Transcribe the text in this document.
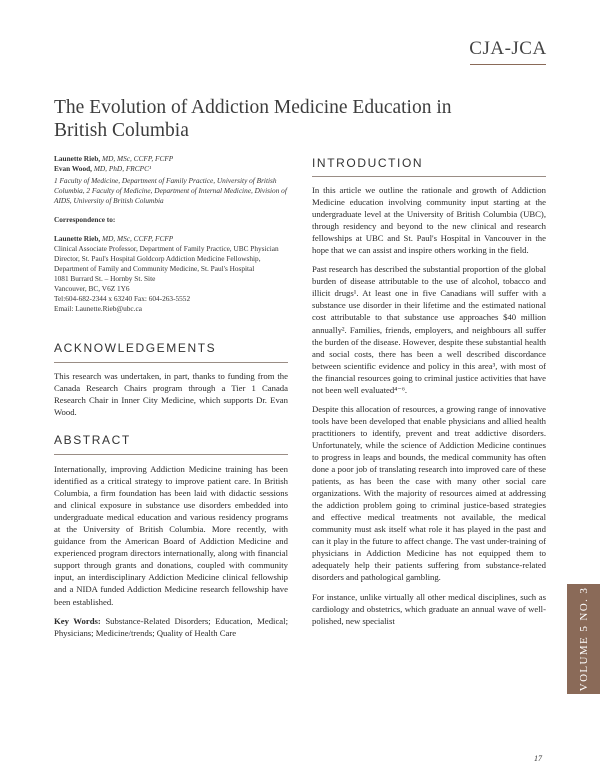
CJA-JCA
The Evolution of Addiction Medicine Education in British Columbia
Launette Rieb, MD, MSc, CCFP, FCFP
Evan Wood, MD, PhD, FRCPC¹
1 Faculty of Medicine, Department of Family Practice, University of British Columbia, 2 Faculty of Medicine, Department of Internal Medicine, Division of AIDS, University of British Columbia
Correspondence to:
Launette Rieb, MD, MSc, CCFP, FCFP
Clinical Associate Professor, Department of Family Practice, UBC Physician Director, St. Paul's Hospital Goldcorp Addiction Medicine Fellowship, Department of Family and Community Medicine, St. Paul's Hospital
1081 Burrard St. – Hornby St. Site
Vancouver, BC, V6Z 1Y6
Tel:604-682-2344 x 63240 Fax: 604-263-5552
Email: Launette.Rieb@ubc.ca
ACKNOWLEDGEMENTS

This research was undertaken, in part, thanks to funding from the Canada Research Chairs program through a Tier 1 Canada Research Chair in Inner City Medicine, which supports Dr. Evan Wood.

ABSTRACT

Internationally, improving Addiction Medicine training has been identified as a critical strategy to improve patient care. In British Columbia, a firm foundation has been laid with didactic sessions and clinical exposure in substance use disorders embedded into undergraduate medical education and various residency programs at the University of British Columbia. More recently, with guidance from the American Board of Addiction Medicine and experienced program directors internationally, along with financial support through grants and donations, coupled with community input, an interdisciplinary Addiction Medicine clinical fellowship and a NIDA funded Addiction Medicine research fellowship have been established.

Key Words: Substance-Related Disorders; Education, Medical; Physicians; Medicine/trends; Quality of Health Care

INTRODUCTION

In this article we outline the rationale and growth of Addiction Medicine education involving community input starting at the undergraduate level at the University of British Columbia (UBC), through residency and beyond to the new clinical and research fellowships at UBC and St. Paul's Hospital in Vancouver in the hope that we can assist and inspire others working in the field.

Past research has described the substantial proportion of the global burden of disease attributable to the use of alcohol, tobacco and illicit drugs¹. At least one in five Canadians will suffer with a substance use disorder in their lifetime and the estimated national cost attributable to that substance use approaches $40 million annually². Families, friends, employers, and neighbours all suffer the burden of the disease. However, despite these substantial health and social costs, there has been a well described discordance between scientific evidence and policy in this area³, with most of the financial resources going to criminal justice activities that have not been well evaluated⁴⁻⁶.

Despite this allocation of resources, a growing range of innovative tools have been developed that enable physicians and allied health practitioners to identify, prevent and treat addictive disorders. Unfortunately, while the science of Addiction Medicine continues to progress in leaps and bounds, the medical community has often done a poor job of translating research into improved care of these patients, as has been the case with many other social care organizations. With the majority of resources aimed at addressing the addiction problem going to criminal justice-based strategies and effective medical treatments not available, the medical community must ask itself what role it has played in the past and can it play in the future to affect change. The vast under-training of physicians in Addiction Medicine has not equipped them to adequately help their patients suffering from substance-related disorders and pathological gambling.

For instance, unlike virtually all other medical disciplines, such as cardiology and obstetrics, which graduate an annual wave of well-polished, new specialist	VOLUME 5 NO. 3
17
